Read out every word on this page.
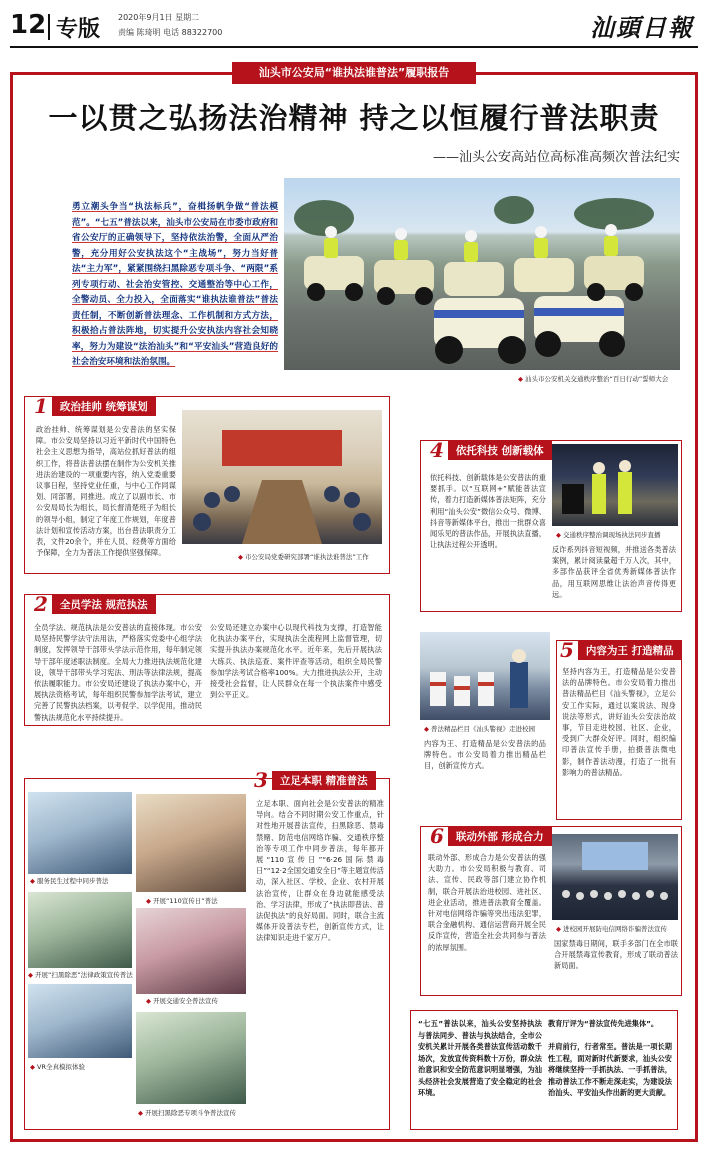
12 专版 2020年9月1日 星期二
责编 陈琦明 电话 88322700	汕頭日報
汕头市公安局“谁执法谁普法”履职报告
一以贯之弘扬法治精神 持之以恒履行普法职责
——汕头公安高站位高标准高频次普法纪实
勇立潮头争当“执法标兵”，奋楫扬帆争做“普法模范”。“七五”普法以来，汕头市公安局在市委市政府和省公安厅的正确领导下，坚持依法治警，全面从严治警，充分用好公安执法这个“主战场”，努力当好普法“主力军”，紧紧围绕扫黑除恶专项斗争、“两限”系列专项行动、社会治安管控、交通整治等中心工作，全警动员、全力投入，全面落实“谁执法谁普法”普法责任制，不断创新普法理念、工作机制和方式方法，积极拾占普法阵地，切实提升公安执法内容社会知晓率，努力为建设“法治汕头”和“平安汕头”营造良好的社会治安环境和法治氛围。
◆ 汕头市公安机关交通秩序整治“百日行动”誓师大会
1	政治挂帅 统筹谋划
政治挂帅、统筹谋划是公安普法的坚实保障。市公安局坚持以习近平新时代中国特色社会主义思想为指导，高站位抓好普法的组织工作，将普法普法摆在制作为公安机关推进法治建设的一项重要内容，纳入党委重要议事日程，坚持党业任重，与中心工作同谋划、同部署，同推进。成立了以副市长、市公安局局长为组长，局长督清楚班子为组长的领导小组，制定了年度工作规划，年度普法计划和宣传活动方案，出台普法职责分工表，文件20余个，并在人员、经费等方面给予保障，全力为普法工作提供坚强保障。
◆	市公安局党委研究部署“谁执法谁普法”工作
4	依托科技 创新载体
依托科技、创新载体是公安普法的重要抓手。以“互联网+”赋能普法宣传，着力打造新媒体普法矩阵，充分利用“汕头公安”微信公众号、微博、抖音等新媒体平台，推出一批群众喜闻乐见的普法作品，开展执法直播，让执法过程公开透明。
◆ 交通秩序整治调现场执法同步直播
反诈系列抖音短视频，并推送各类普法案例，累计阅读量超千万人次，其中，多部作品获评全省优秀新媒体普法作品，用互联网思维让法治声音传得更远。
2	全员学法 规范执法
全员学法、规范执法是公安普法的直接体现。市公安局坚持民警学法守法用法，严格落实党委中心组学法制度，发挥领导干部带头学法示范作用，每年制定领导干部年度述职法制度。全局大力推进执法规范化建设，领导干部带头学习宪法、刑法等法律法规，提高依法履职能力。市公安局还建设了执法办案中心，开展执法资格考试，每年组织民警参加学法考试，建立完善了民警执法档案，以考促学、以学促用，推动民警执法规范化水平持续提升。
公安局还建立办案中心以现代科技为支撑，打造智能化执法办案平台，实现执法全流程网上监督管理，切实提升执法办案规范化水平。近年来，先后开展执法大练兵、执法巡查、案件评查等活动，组织全局民警参加学法考试合格率100%。大力推进执法公开，主动接受社会监督，让人民群众在每一个执法案件中感受到公平正义。
◆ 普法精品栏目《汕头警视》走进校园
5	内容为王 打造精品
内容为王、打造精品是公安普法的品牌特色。市公安局着力推出精品栏目，创新宣传方式。
坚持内容为王，打造精品是公安普法的品牌特色。市公安局着力推出普法精品栏目《汕头警视》，立足公安工作实际，通过以案说法、现身说法等形式，讲好汕头公安法治故事，节目走进校园、社区、企业，受到广大群众好评。同时，组织编印普法宣传手册，拍摄普法微电影，制作普法动漫，打造了一批有影响力的普法精品。
3	立足本职 精准普法
立足本职、面向社会是公安普法的精准导向。结合不同时期公安工作重点，针对性地开展普法宣传，扫黑除恶、禁毒禁赌、防范电信网络诈骗、交通秩序整治等专项工作中同步普法，每年都开展“110宣传日”“6·26国际禁毒日”“12·2全国交通安全日”等主题宣传活动，深入社区、学校、企业、农村开展法治宣传，让群众在身边就能感受法治、学习法律，形成了“执法即普法、普法促执法”的良好局面。同时，联合主流媒体开设普法专栏，创新宣传方式，让法律知识走进千家万户。
◆ 服务民生过程中同步普法
◆ 开展“110宣传日”普法
◆ 开展“扫黑除恶”法律政策宣传普法
◆ 开展交通安全普法宣传
◆ VR全真模拟体验
◆ 开展扫黑除恶专项斗争普法宣传
6	联动外部 形成合力
联动外部、形成合力是公安普法的强大助力。市公安局积极与教育、司法、宣传、民政等部门建立协作机制，联合开展法治进校园、进社区、进企业活动，推进普法教育全覆盖。针对电信网络诈骗等突出违法犯罪，联合金融机构、通信运营商开展全民反诈宣传，营造全社会共同参与普法的浓厚氛围。
◆ 进校园开展防电信网络诈骗普法宣传
国家禁毒日期间，联手多部门在全市联合开展禁毒宣传教育，形成了联动普法新局面。
“七五”普法以来，汕头公安坚持执法与普法同步、普法与执法结合，全市公安机关累计开展各类普法宣传活动数千场次，发放宣传资料数十万份，群众法治意识和安全防范意识明显增强，为汕头经济社会发展营造了安全稳定的社会环境。
教育厅评为“普法宣传先进集体”。

并肩前行，行者常至。普法是一项长期性工程，面对新时代新要求，汕头公安将继续坚持一手抓执法、一手抓普法，推动普法工作不断走深走实，为建设法治汕头、平安汕头作出新的更大贡献。
